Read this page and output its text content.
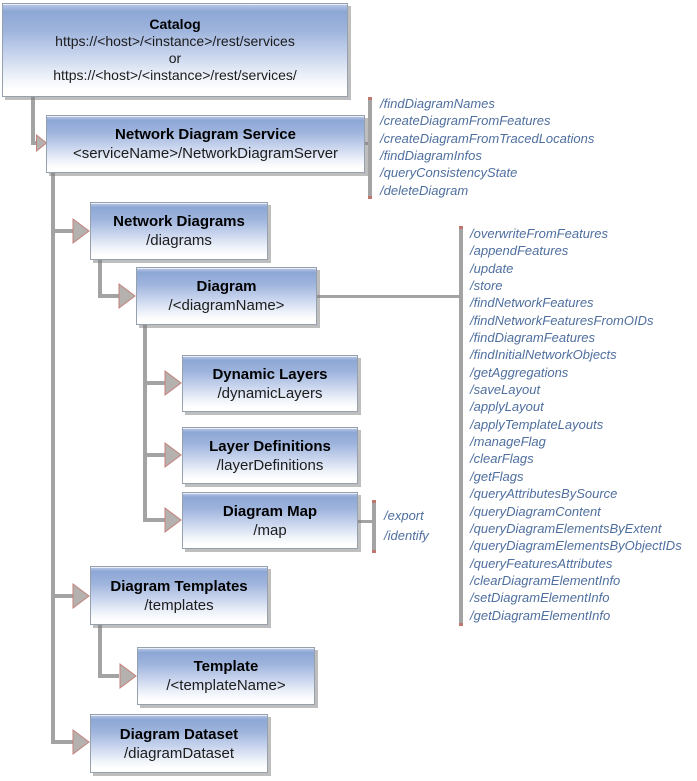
Catalog
https://<host>/<instance>/rest/services
or
https://<host>/<instance>/rest/services/
Network Diagram Service
<serviceName>/NetworkDiagramServer
Network Diagrams
/diagrams
Diagram
/<diagramName>
Dynamic Layers
/dynamicLayers
Layer Definitions
/layerDefinitions
Diagram Map
/map
Diagram Templates
/templates
Template
/<templateName>
Diagram Dataset
/diagramDataset
/findDiagramNames
/createDiagramFromFeatures
/createDiagramFromTracedLocations
/findDiagramInfos
/queryConsistencyState
/deleteDiagram
/overwriteFromFeatures
/appendFeatures
/update
/store
/findNetworkFeatures
/findNetworkFeaturesFromOIDs
/findDiagramFeatures
/findInitialNetworkObjects
/getAggregations
/saveLayout
/applyLayout
/applyTemplateLayouts
/manageFlag
/clearFlags
/getFlags
/queryAttributesBySource
/queryDiagramContent
/queryDiagramElementsByExtent
/queryDiagramElementsByObjectIDs
/queryFeaturesAttributes
/clearDiagramElementInfo
/setDiagramElementInfo
/getDiagramElementInfo
/export
/identify
